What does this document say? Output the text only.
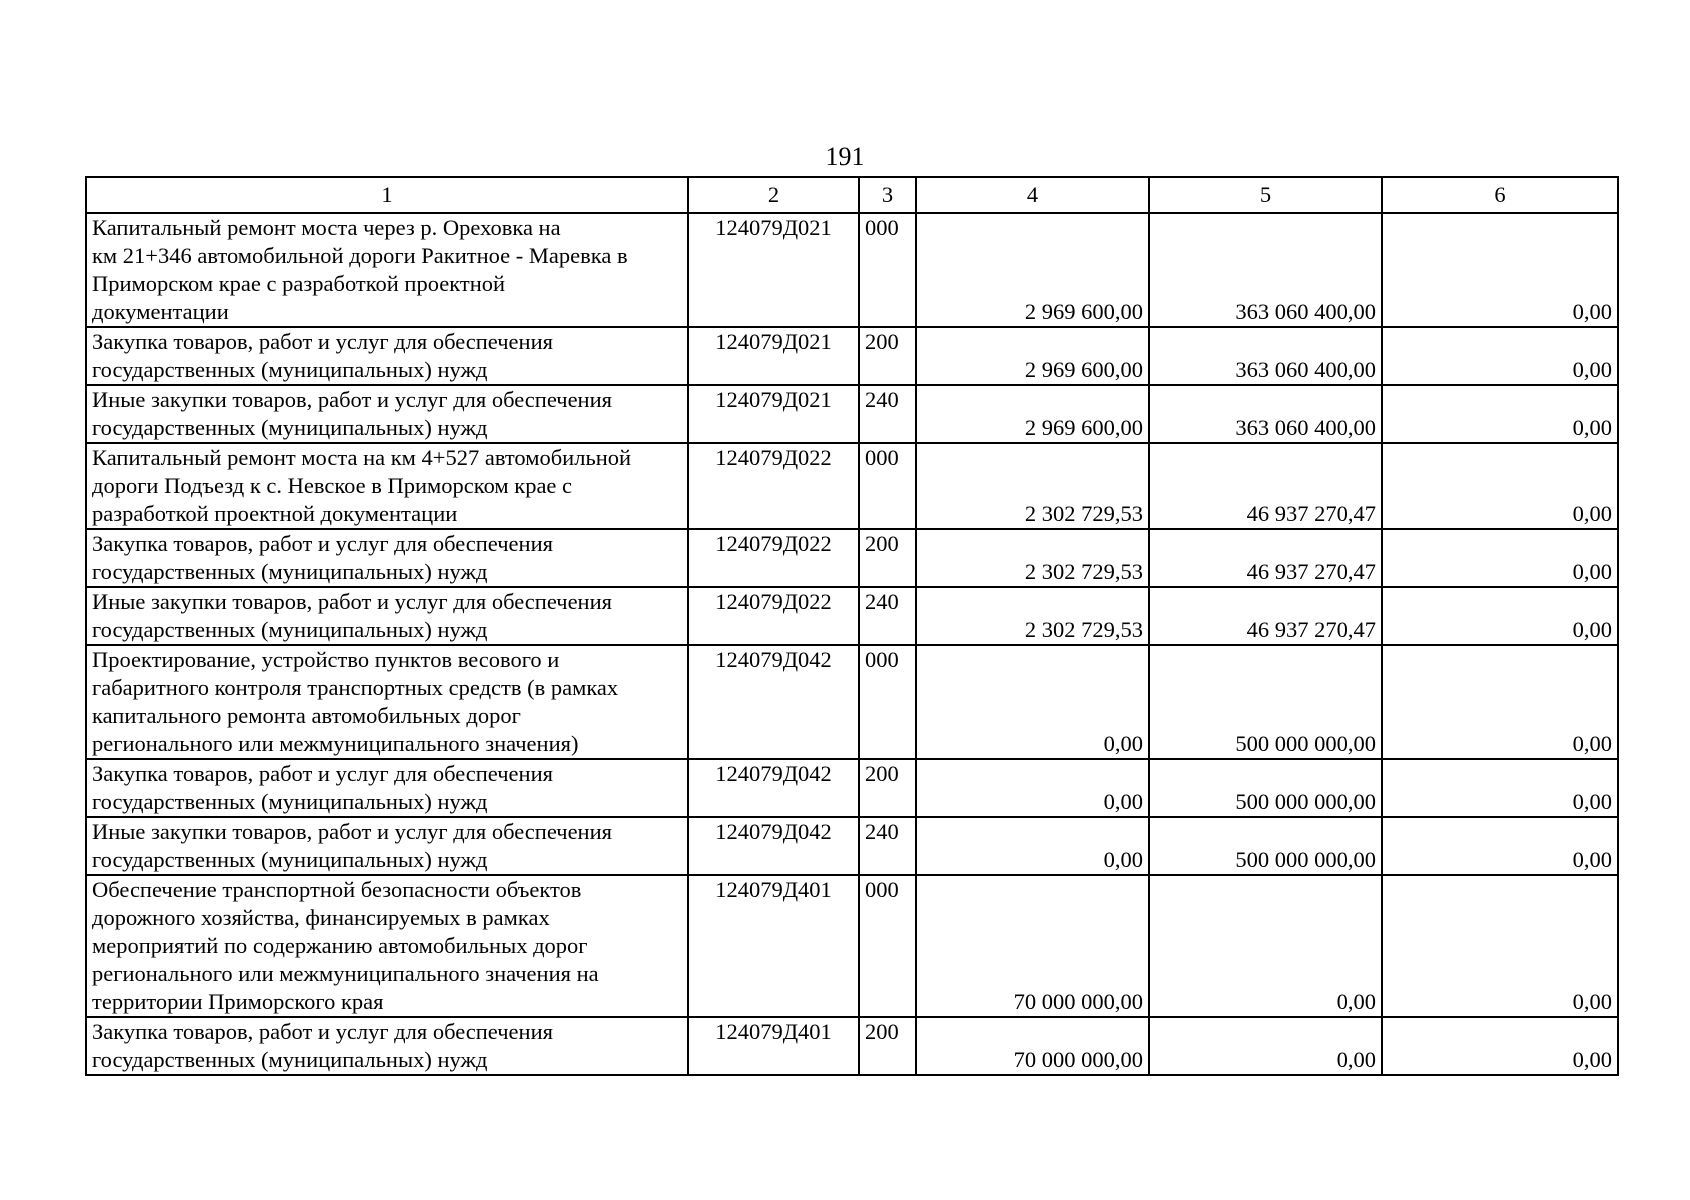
191
1	2	3	4	5	6

Капитальный ремонт моста через р. Ореховка на
км 21+346 автомобильной дороги Ракитное - Маревка в
Приморском крае с разработкой проектной
документации	124079Д021	000	2 969 600,00	363 060 400,00	0,00

Закупка товаров, работ и услуг для обеспечения
государственных (муниципальных) нужд	124079Д021	200	2 969 600,00	363 060 400,00	0,00

Иные закупки товаров, работ и услуг для обеспечения
государственных (муниципальных) нужд	124079Д021	240	2 969 600,00	363 060 400,00	0,00

Капитальный ремонт моста на км 4+527 автомобильной
дороги Подъезд к с. Невское в Приморском крае с
разработкой проектной документации	124079Д022	000	2 302 729,53	46 937 270,47	0,00

Закупка товаров, работ и услуг для обеспечения
государственных (муниципальных) нужд	124079Д022	200	2 302 729,53	46 937 270,47	0,00

Иные закупки товаров, работ и услуг для обеспечения
государственных (муниципальных) нужд	124079Д022	240	2 302 729,53	46 937 270,47	0,00

Проектирование, устройство пунктов весового и
габаритного контроля транспортных средств (в рамках
капитального ремонта автомобильных дорог
регионального или межмуниципального значения)	124079Д042	000	0,00	500 000 000,00	0,00

Закупка товаров, работ и услуг для обеспечения
государственных (муниципальных) нужд	124079Д042	200	0,00	500 000 000,00	0,00

Иные закупки товаров, работ и услуг для обеспечения
государственных (муниципальных) нужд	124079Д042	240	0,00	500 000 000,00	0,00

Обеспечение транспортной безопасности объектов
дорожного хозяйства, финансируемых в рамках
мероприятий по содержанию автомобильных дорог
регионального или межмуниципального значения на
территории Приморского края	124079Д401	000	70 000 000,00	0,00	0,00

Закупка товаров, работ и услуг для обеспечения
государственных (муниципальных) нужд	124079Д401	200	70 000 000,00	0,00	0,00
